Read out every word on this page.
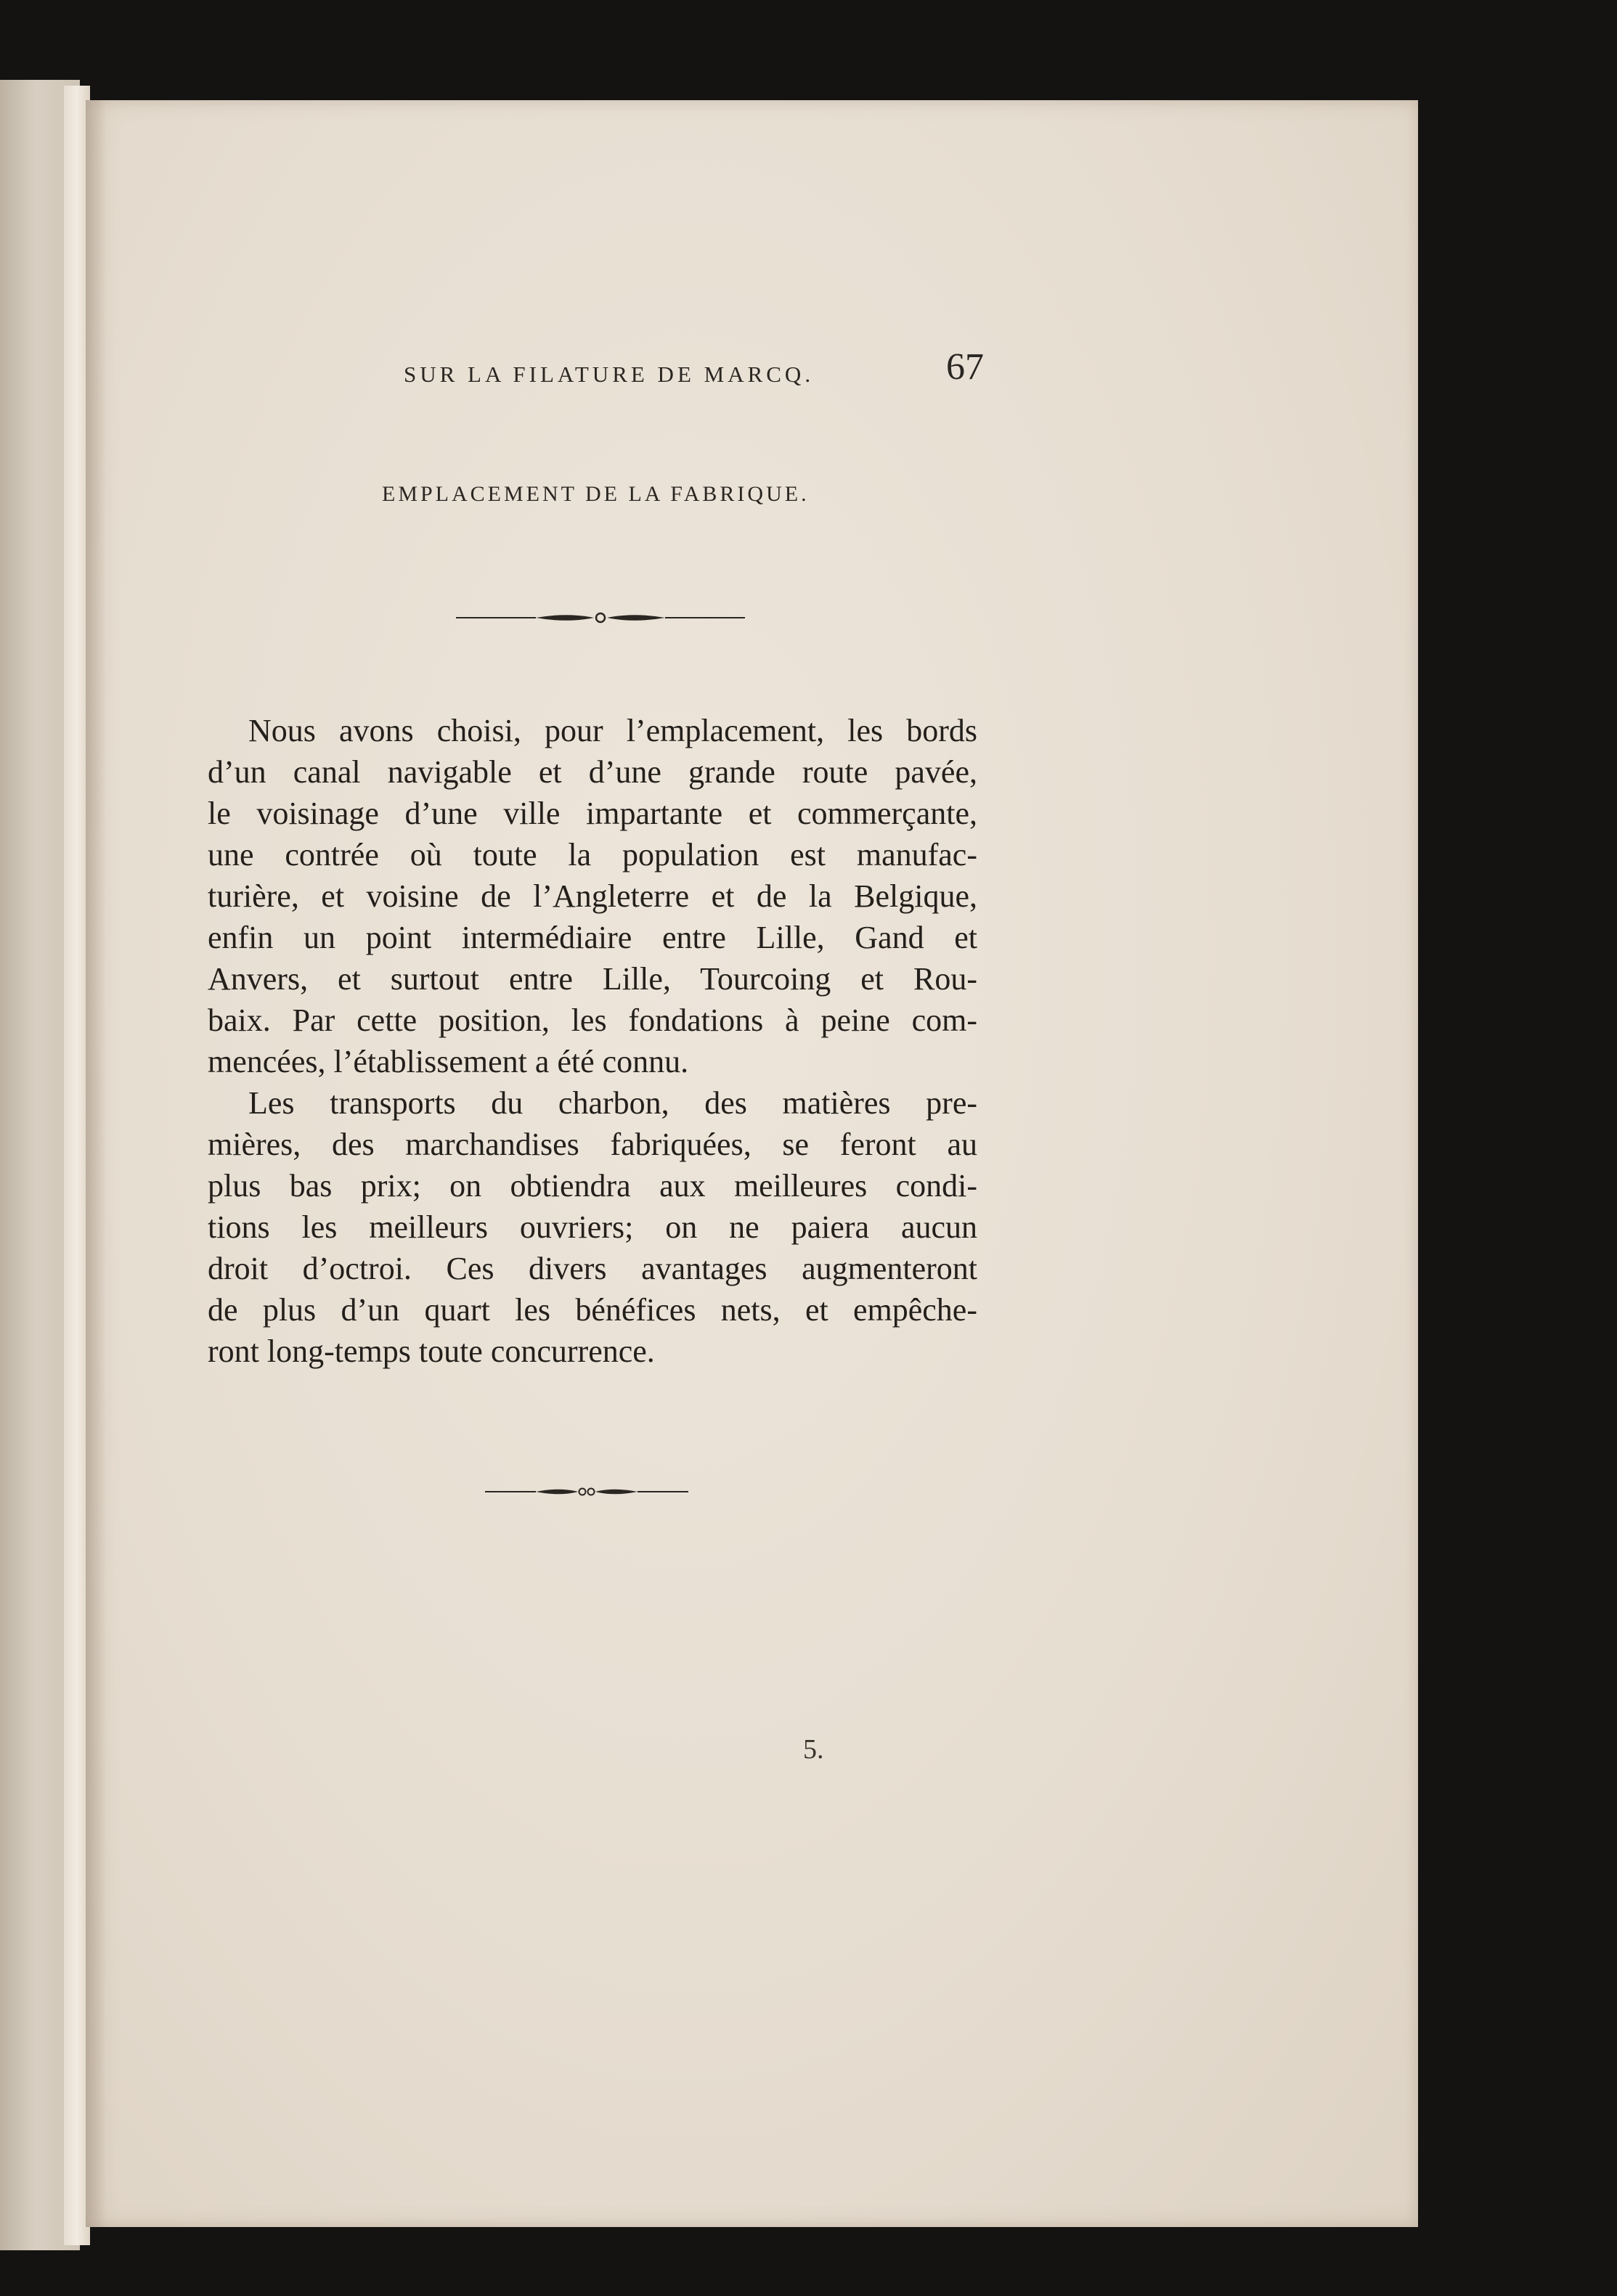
SUR LA FILATURE DE MARCQ.	67
EMPLACEMENT DE LA FABRIQUE.
Nous avons choisi, pour l’emplacement, les bords
d’un canal navigable et d’une grande route pavée,
le voisinage d’une ville impartante et commerçante,
une contrée où toute la population est manufac-
turière, et voisine de l’Angleterre et de la Belgique,
enfin un point intermédiaire entre Lille, Gand et
Anvers, et surtout entre Lille, Tourcoing et Rou-
baix. Par cette position, les fondations à peine com-
mencées, l’établissement a été connu.
Les transports du charbon, des matières pre-
mières, des marchandises fabriquées, se feront au
plus bas prix; on obtiendra aux meilleures condi-
tions les meilleurs ouvriers; on ne paiera aucun
droit d’octroi. Ces divers avantages augmenteront
de plus d’un quart les bénéfices nets, et empêche-
ront long-temps toute concurrence.
5.
